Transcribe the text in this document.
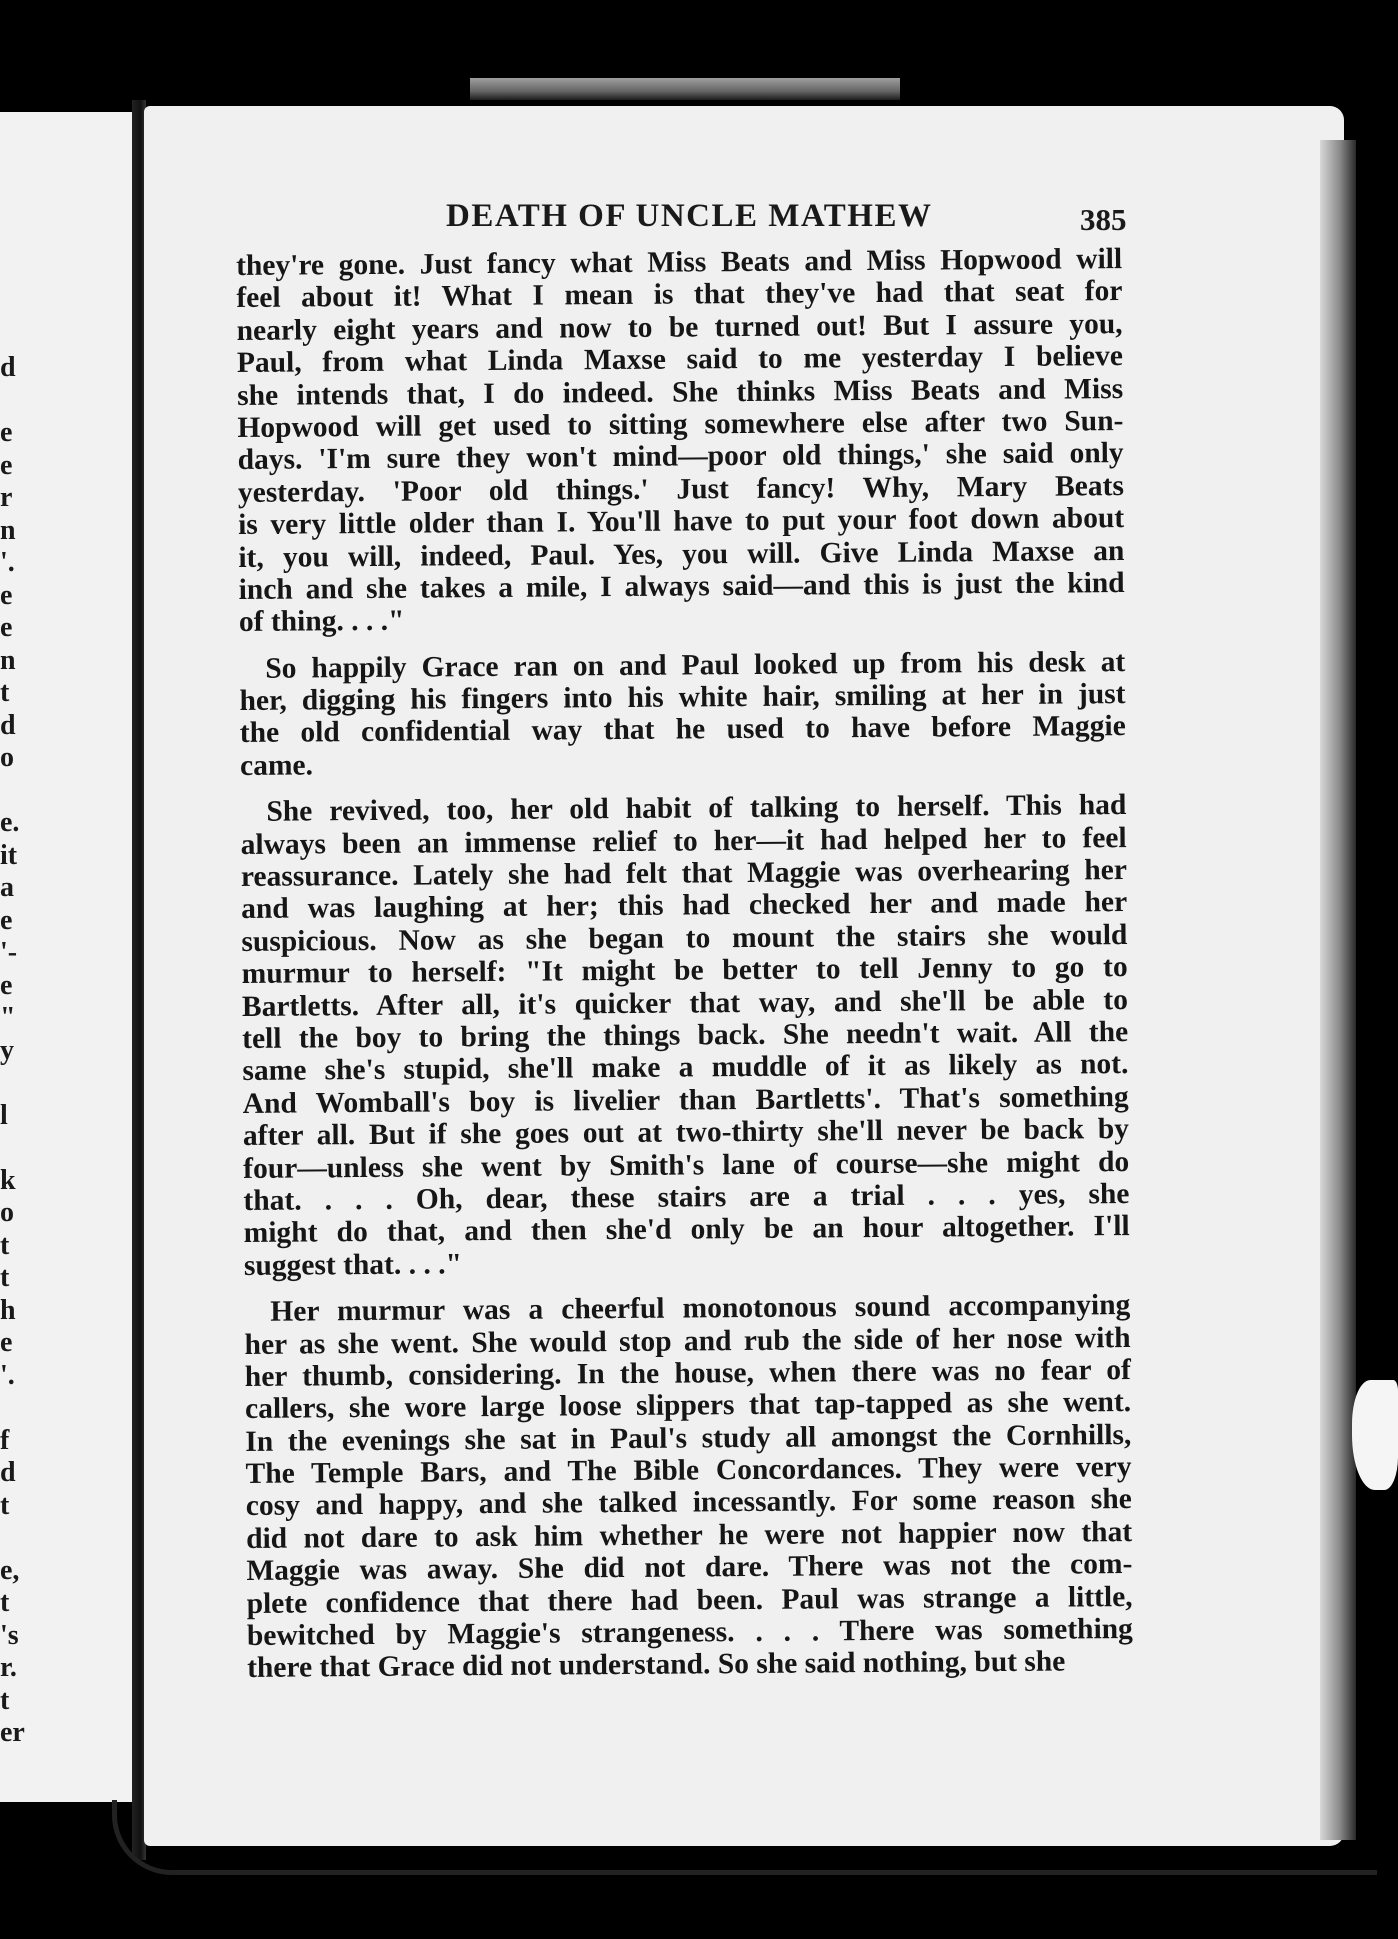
d

e
e
r
n
'.
e
e
n
t
d
o

e.
it
a
e
'-
e
"
y

l

k
o
t
t
h
e
'.

f
d
t

e,
t
's
r.
t
er
DEATH OF UNCLE MATHEW	385
they're gone. Just fancy what Miss Beats and Miss Hopwood will
feel about it! What I mean is that they've had that seat for
nearly eight years and now to be turned out! But I assure you,
Paul, from what Linda Maxse said to me yesterday I believe
she intends that, I do indeed. She thinks Miss Beats and Miss
Hopwood will get used to sitting somewhere else after two Sun-
days. 'I'm sure they won't mind—poor old things,' she said only
yesterday. 'Poor old things.' Just fancy! Why, Mary Beats
is very little older than I. You'll have to put your foot down about
it, you will, indeed, Paul. Yes, you will. Give Linda Maxse an
inch and she takes a mile, I always said—and this is just the kind
of thing. . . ."
So happily Grace ran on and Paul looked up from his desk at
her, digging his fingers into his white hair, smiling at her in just
the old confidential way that he used to have before Maggie
came.
She revived, too, her old habit of talking to herself. This had
always been an immense relief to her—it had helped her to feel
reassurance. Lately she had felt that Maggie was overhearing her
and was laughing at her; this had checked her and made her
suspicious. Now as she began to mount the stairs she would
murmur to herself: "It might be better to tell Jenny to go to
Bartletts. After all, it's quicker that way, and she'll be able to
tell the boy to bring the things back. She needn't wait. All the
same she's stupid, she'll make a muddle of it as likely as not.
And Womball's boy is livelier than Bartletts'. That's something
after all. But if she goes out at two-thirty she'll never be back by
four—unless she went by Smith's lane of course—she might do
that. . . . Oh, dear, these stairs are a trial . . . yes, she
might do that, and then she'd only be an hour altogether. I'll
suggest that. . . ."
Her murmur was a cheerful monotonous sound accompanying
her as she went. She would stop and rub the side of her nose with
her thumb, considering. In the house, when there was no fear of
callers, she wore large loose slippers that tap-tapped as she went.
In the evenings she sat in Paul's study all amongst the Cornhills,
The Temple Bars, and The Bible Concordances. They were very
cosy and happy, and she talked incessantly. For some reason she
did not dare to ask him whether he were not happier now that
Maggie was away. She did not dare. There was not the com-
plete confidence that there had been. Paul was strange a little,
bewitched by Maggie's strangeness. . . . There was something
there that Grace did not understand. So she said nothing, but she
